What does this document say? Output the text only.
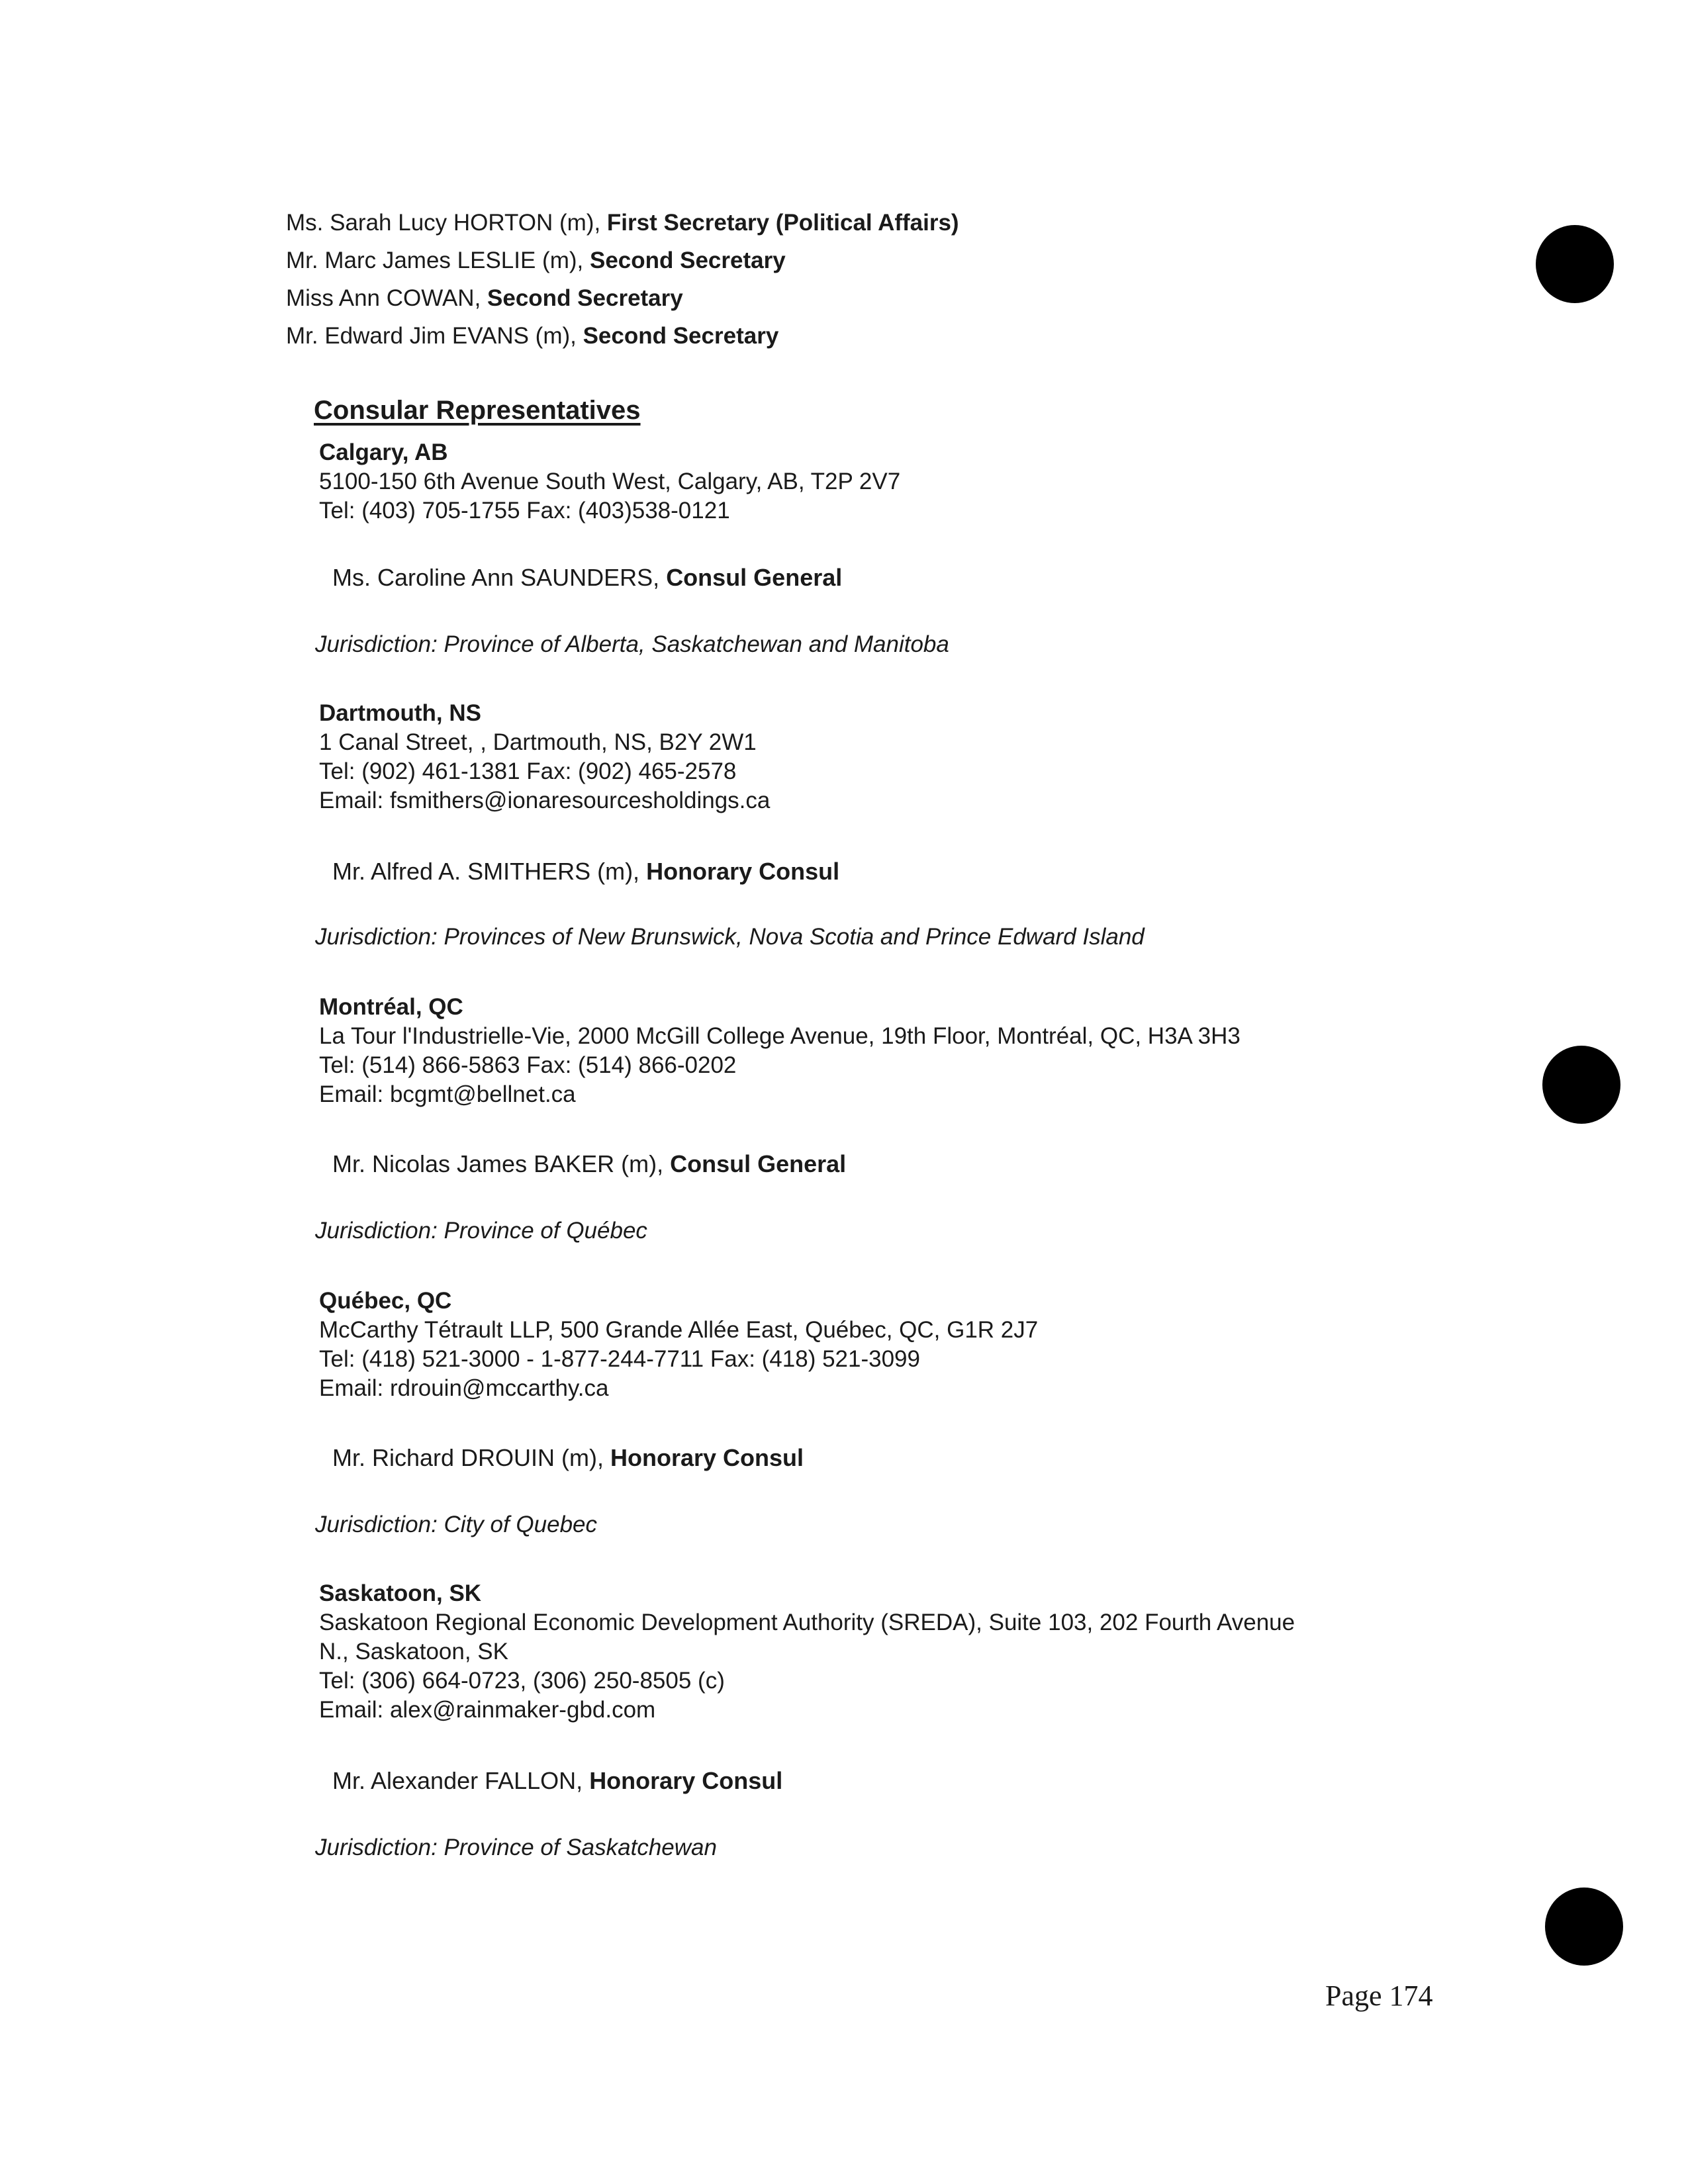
Ms. Sarah Lucy HORTON (m), First Secretary (Political Affairs)
Mr. Marc James LESLIE (m), Second Secretary
Miss Ann COWAN, Second Secretary
Mr. Edward Jim EVANS (m), Second Secretary
Consular Representatives
Calgary, AB
5100-150 6th Avenue South West, Calgary, AB, T2P 2V7
Tel: (403) 705-1755 Fax: (403)538-0121
Ms. Caroline Ann SAUNDERS, Consul General
Jurisdiction: Province of Alberta, Saskatchewan and Manitoba
Dartmouth, NS
1 Canal Street, , Dartmouth, NS, B2Y 2W1
Tel: (902) 461-1381 Fax: (902) 465-2578
Email: fsmithers@ionaresourcesholdings.ca
Mr. Alfred A. SMITHERS (m), Honorary Consul
Jurisdiction: Provinces of New Brunswick, Nova Scotia and Prince Edward Island
Montréal, QC
La Tour l'Industrielle-Vie, 2000 McGill College Avenue, 19th Floor, Montréal, QC, H3A 3H3
Tel: (514) 866-5863 Fax: (514) 866-0202
Email: bcgmt@bellnet.ca
Mr. Nicolas James BAKER (m), Consul General
Jurisdiction: Province of Québec
Québec, QC
McCarthy Tétrault LLP, 500 Grande Allée East, Québec, QC, G1R 2J7
Tel: (418) 521-3000 - 1-877-244-7711 Fax: (418) 521-3099
Email: rdrouin@mccarthy.ca
Mr. Richard DROUIN (m), Honorary Consul
Jurisdiction: City of Quebec
Saskatoon, SK
Saskatoon Regional Economic Development Authority (SREDA), Suite 103, 202 Fourth Avenue
N., Saskatoon, SK
Tel: (306) 664-0723, (306) 250-8505 (c)
Email: alex@rainmaker-gbd.com
Mr. Alexander FALLON, Honorary Consul
Jurisdiction: Province of Saskatchewan
Page 174
